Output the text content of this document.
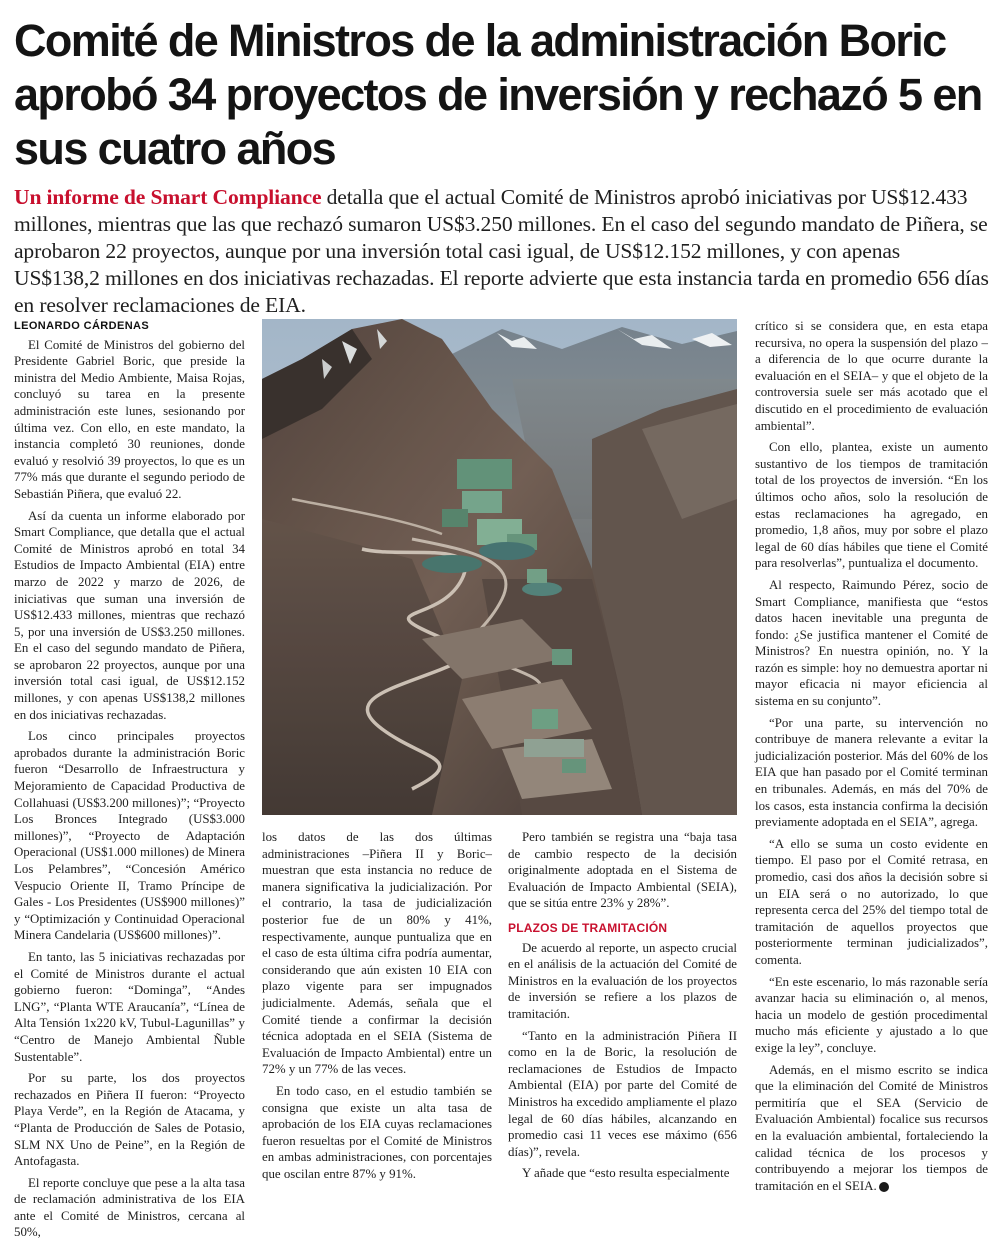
Comité de Ministros de la administración Boric aprobó 34 proyectos de inversión y rechazó 5 en sus cuatro años

Un informe de Smart Compliance detalla que el actual Comité de Ministros aprobó iniciativas por US$12.433 millones, mientras que las que rechazó sumaron US$3.250 millones. En el caso del segundo mandato de Piñera, se aprobaron 22 proyectos, aunque por una inversión total casi igual, de US$12.152 millones, y con apenas US$138,2 millones en dos iniciativas rechazadas. El reporte advierte que esta instancia tarda en promedio 656 días en resolver reclamaciones de EIA.

LEONARDO CÁRDENAS

El Comité de Ministros del gobierno del Presidente Gabriel Boric, que preside la ministra del Medio Ambiente, Maisa Rojas, concluyó su tarea en la presente administración este lunes, sesionando por última vez. Con ello, en este mandato, la instancia completó 30 reuniones, donde evaluó y resolvió 39 proyectos, lo que es un 77% más que durante el segundo periodo de Sebastián Piñera, que evaluó 22.

Así da cuenta un informe elaborado por Smart Compliance, que detalla que el actual Comité de Ministros aprobó en total 34 Estudios de Impacto Ambiental (EIA) entre marzo de 2022 y marzo de 2026, de iniciativas que suman una inversión de US$12.433 millones, mientras que rechazó 5, por una inversión de US$3.250 millones. En el caso del segundo mandato de Piñera, se aprobaron 22 proyectos, aunque por una inversión total casi igual, de US$12.152 millones, y con apenas US$138,2 millones en dos iniciativas rechazadas.

Los cinco principales proyectos aprobados durante la administración Boric fueron “Desarrollo de Infraestructura y Mejoramiento de Capacidad Productiva de Collahuasi (US$3.200 millones)”; “Proyecto Los Bronces Integrado (US$3.000 millones)”, “Proyecto de Adaptación Operacional (US$1.000 millones) de Minera Los Pelambres”, “Concesión Américo Vespucio Oriente II, Tramo Príncipe de Gales - Los Presidentes (US$900 millones)” y “Optimización y Continuidad Operacional Minera Candelaria (US$600 millones)”.

En tanto, las 5 iniciativas rechazadas por el Comité de Ministros durante el actual gobierno fueron: “Dominga”, “Andes LNG”, “Planta WTE Araucanía”, “Línea de Alta Tensión 1x220 kV, Tubul-Lagunillas” y “Centro de Manejo Ambiental Ñuble Sustentable”.

Por su parte, los dos proyectos rechazados en Piñera II fueron: “Proyecto Playa Verde”, en la Región de Atacama, y “Planta de Producción de Sales de Potasio, SLM NX Uno de Peine”, en la Región de Antofagasta.

El reporte concluye que pese a la alta tasa de reclamación administrativa de los EIA ante el Comité de Ministros, cercana al 50%,

los datos de las dos últimas administraciones –Piñera II y Boric– muestran que esta instancia no reduce de manera significativa la judicialización. Por el contrario, la tasa de judicialización posterior fue de un 80% y 41%, respectivamente, aunque puntualiza que en el caso de esta última cifra podría aumentar, considerando que aún existen 10 EIA con plazo vigente para ser impugnados judicialmente. Además, señala que el Comité tiende a confirmar la decisión técnica adoptada en el SEIA (Sistema de Evaluación de Impacto Ambiental) entre un 72% y un 77% de las veces.

En todo caso, en el estudio también se consigna que existe un alta tasa de aprobación de los EIA cuyas reclamaciones fueron resueltas por el Comité de Ministros en ambas administraciones, con porcentajes que oscilan entre 87% y 91%.

Pero también se registra una “baja tasa de cambio respecto de la decisión originalmente adoptada en el Sistema de Evaluación de Impacto Ambiental (SEIA), que se sitúa entre 23% y 28%”.

PLAZOS DE TRAMITACIÓN

De acuerdo al reporte, un aspecto crucial en el análisis de la actuación del Comité de Ministros en la evaluación de los proyectos de inversión se refiere a los plazos de tramitación.

“Tanto en la administración Piñera II como en la de Boric, la resolución de reclamaciones de Estudios de Impacto Ambiental (EIA) por parte del Comité de Ministros ha excedido ampliamente el plazo legal de 60 días hábiles, alcanzando en promedio casi 11 veces ese máximo (656 días)”, revela.

Y añade que “esto resulta especialmente

crítico si se considera que, en esta etapa recursiva, no opera la suspensión del plazo –a diferencia de lo que ocurre durante la evaluación en el SEIA– y que el objeto de la controversia suele ser más acotado que el discutido en el procedimiento de evaluación ambiental”.

Con ello, plantea, existe un aumento sustantivo de los tiempos de tramitación total de los proyectos de inversión. “En los últimos ocho años, solo la resolución de estas reclamaciones ha agregado, en promedio, 1,8 años, muy por sobre el plazo legal de 60 días hábiles que tiene el Comité para resolverlas”, puntualiza el documento.

Al respecto, Raimundo Pérez, socio de Smart Compliance, manifiesta que “estos datos hacen inevitable una pregunta de fondo: ¿Se justifica mantener el Comité de Ministros? En nuestra opinión, no. Y la razón es simple: hoy no demuestra aportar ni mayor eficacia ni mayor eficiencia al sistema en su conjunto”.

“Por una parte, su intervención no contribuye de manera relevante a evitar la judicialización posterior. Más del 60% de los EIA que han pasado por el Comité terminan en tribunales. Además, en más del 70% de los casos, esta instancia confirma la decisión previamente adoptada en el SEIA”, agrega.

“A ello se suma un costo evidente en tiempo. El paso por el Comité retrasa, en promedio, casi dos años la decisión sobre si un EIA será o no autorizado, lo que representa cerca del 25% del tiempo total de tramitación de aquellos proyectos que posteriormente terminan judicializados”, comenta.

“En este escenario, lo más razonable sería avanzar hacia su eliminación o, al menos, hacia un modelo de gestión procedimental mucho más eficiente y ajustado a lo que exige la ley”, concluye.

Además, en el mismo escrito se indica que la eliminación del Comité de Ministros permitiría que el SEA (Servicio de Evaluación Ambiental) focalice sus recursos en la evaluación ambiental, fortaleciendo la calidad técnica de los procesos y contribuyendo a mejorar los tiempos de tramitación en el SEIA.
